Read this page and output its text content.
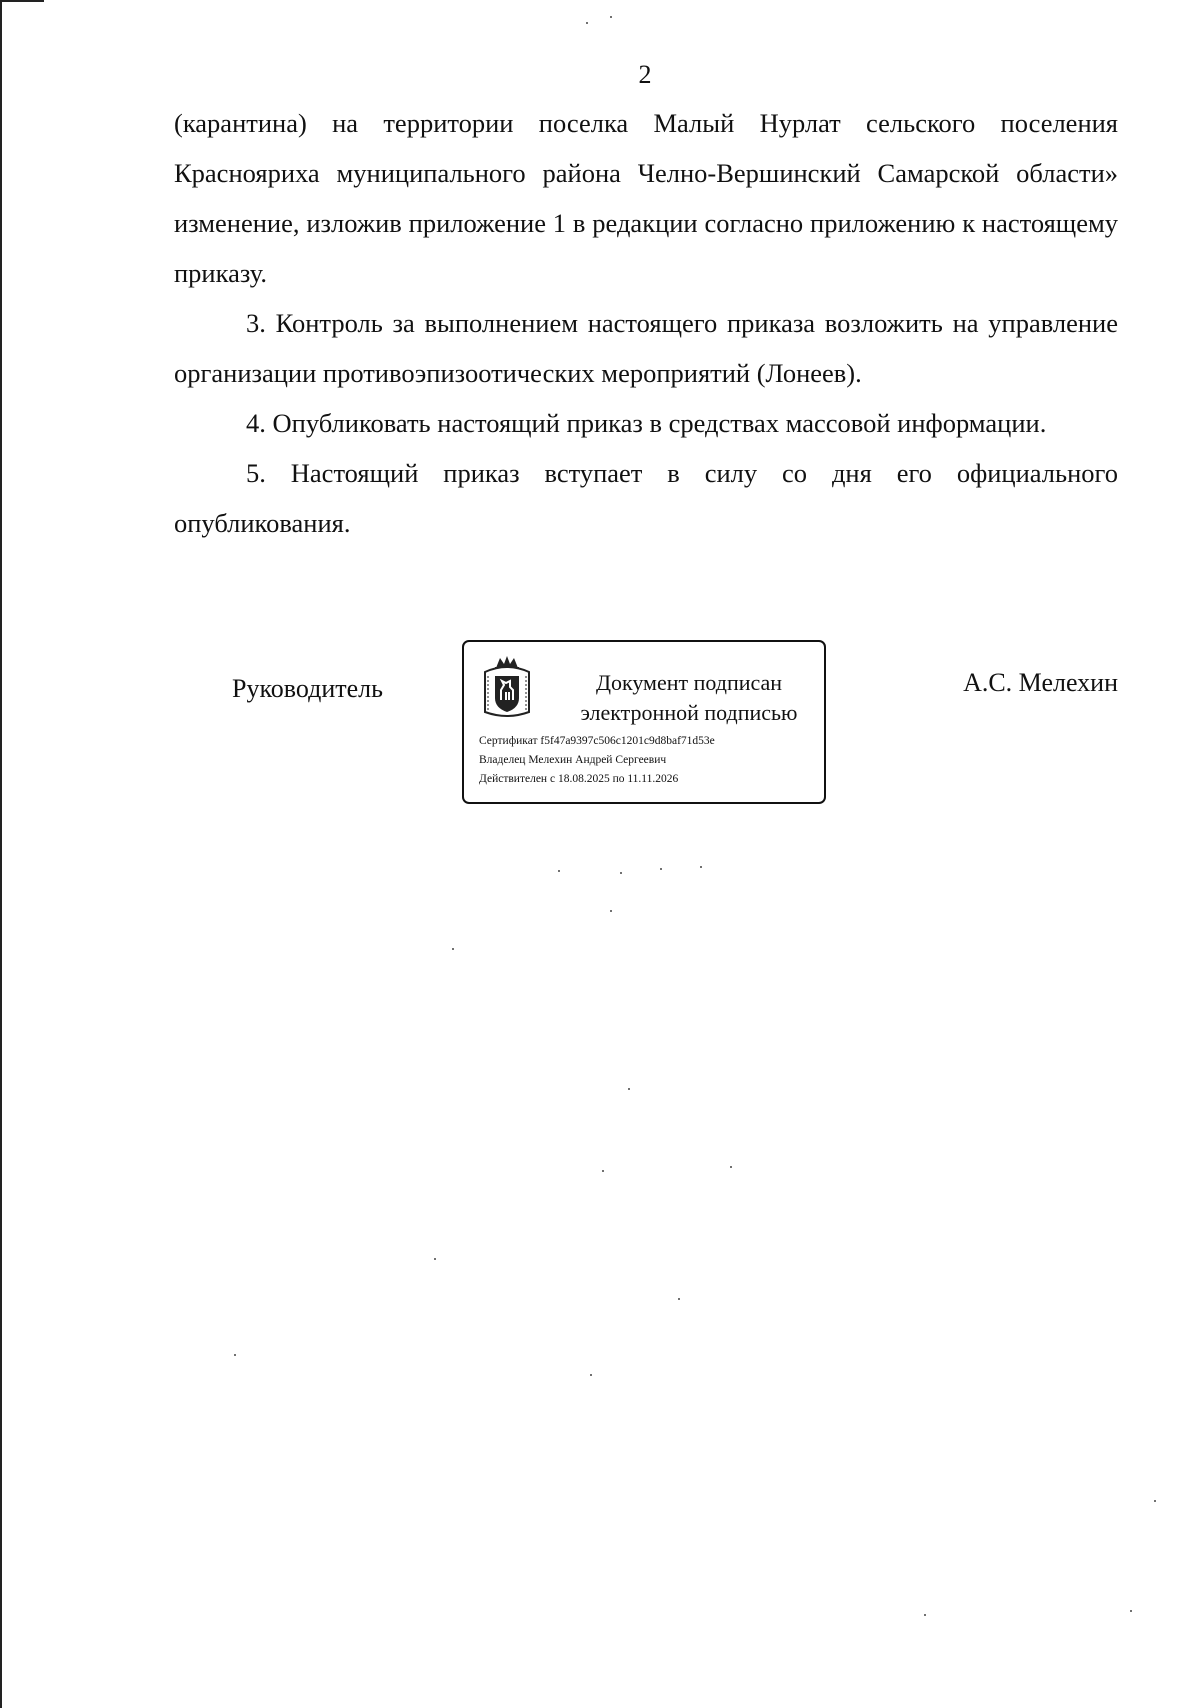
2

(карантина) на территории поселка Малый Нурлат сельского поселения Краснояриха муниципального района Челно-Вершинский Самарской области» изменение, изложив приложение 1 в редакции согласно приложению к настоящему приказу.

3. Контроль за выполнением настоящего приказа возложить на управление организации противоэпизоотических мероприятий (Лонеев).

4. Опубликовать настоящий приказ в средствах массовой информации.

5. Настоящий приказ вступает в силу со дня его официального опубликования.

Руководитель	Документ подписан
электронной подписью
Сертификат f5f47a9397c506c1201c9d8baf71d53e
Владелец Мелехин Андрей Сергеевич
Действителен с 18.08.2025 по 11.11.2026
А.С. Мелехин
